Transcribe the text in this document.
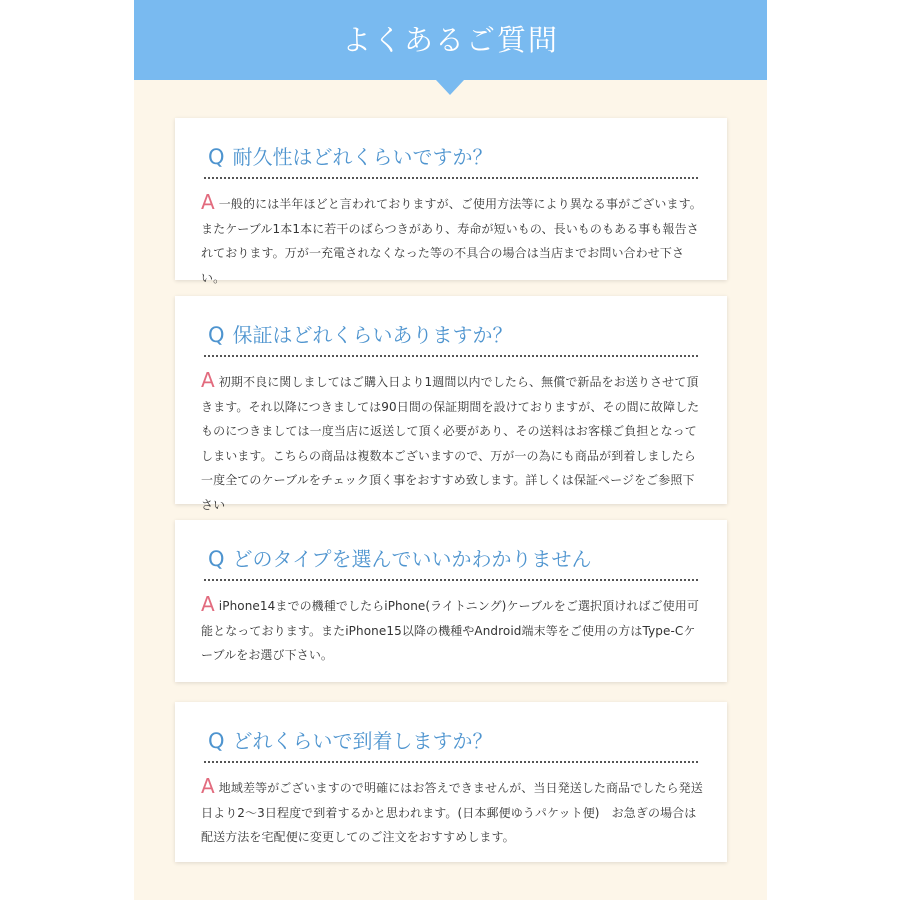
よくあるご質問
Q 耐久性はどれくらいですか？
A一般的には半年ほどと言われておりますが、ご使用方法等により異なる事がございます。またケーブル1本1本に若干のばらつきがあり、寿命が短いもの、長いものもある事も報告されております。万が一充電されなくなった等の不具合の場合は当店までお問い合わせ下さい。
Q 保証はどれくらいありますか？
A初期不良に関しましてはご購入日より1週間以内でしたら、無償で新品をお送りさせて頂きます。それ以降につきましては90日間の保証期間を設けておりますが、その間に故障したものにつきましては一度当店に返送して頂く必要があり、その送料はお客様ご負担となってしまいます。こちらの商品は複数本ございますので、万が一の為にも商品が到着しましたら一度全てのケーブルをチェック頂く事をおすすめ致します。詳しくは保証ページをご参照下さい
Q どのタイプを選んでいいかわかりません
AiPhone14までの機種でしたらiPhone(ライトニング)ケーブルをご選択頂ければご使用可能となっております。またiPhone15以降の機種やAndroid端末等をご使用の方はType-Cケーブルをお選び下さい。
Q どれくらいで到着しますか？
A地域差等がございますので明確にはお答えできませんが、当日発送した商品でしたら発送日より2～3日程度で到着するかと思われます。(日本郵便ゆうパケット便)　お急ぎの場合は配送方法を宅配便に変更してのご注文をおすすめします。
